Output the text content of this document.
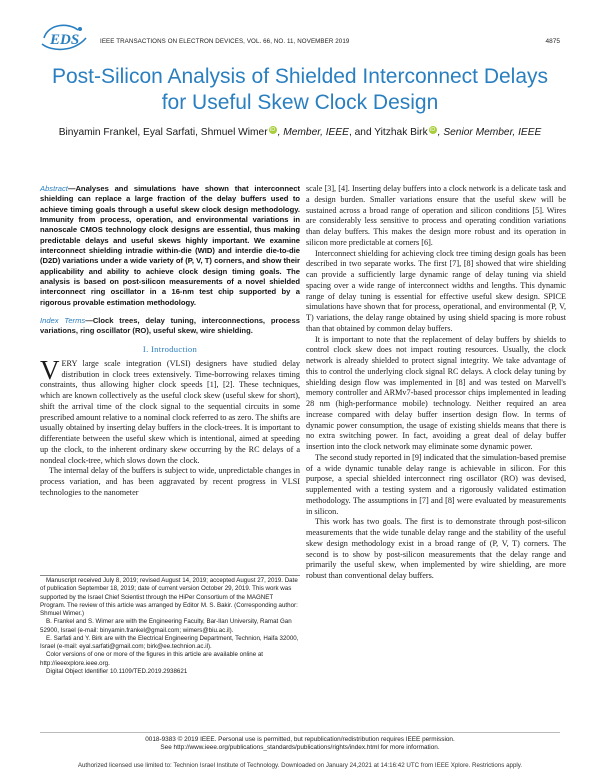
EDS	IEEE TRANSACTIONS ON ELECTRON DEVICES, VOL. 66, NO. 11, NOVEMBER 2019	4875
Post-Silicon Analysis of Shielded Interconnect Delays for Useful Skew Clock Design
Binyamin Frankel, Eyal Sarfati, Shmuel Wimer iD , Member, IEEE, and Yitzhak Birk iD , Senior Member, IEEE
Abstract—Analyses and simulations have shown that interconnect shielding can replace a large fraction of the delay buffers used to achieve timing goals through a useful skew clock design methodology. Immunity from process, operation, and environmental variations in nanoscale CMOS technology clock designs are essential, thus making predictable delays and useful skews highly important. We examine interconnect shielding intradie within-die (WID) and interdie die-to-die (D2D) variations under a wide variety of (P, V, T) corners, and show their applicability and ability to achieve clock design timing goals. The analysis is based on post-silicon measurements of a novel shielded interconnect ring oscillator in a 16-nm test chip supported by a rigorous provable estimation methodology.
Index Terms—Clock trees, delay tuning, interconnections, process variations, ring oscillator (RO), useful skew, wire shielding.
I. Introduction

VERY large scale integration (VLSI) designers have studied delay distribution in clock trees extensively. Time-borrowing relaxes timing constraints, thus allowing higher clock speeds [1], [2]. These techniques, which are known collectively as the useful clock skew (useful skew for short), shift the arrival time of the clock signal to the sequential circuits in some prescribed amount relative to a nominal clock referred to as zero. The shifts are usually obtained by inserting delay buffers in the clock-trees. It is important to differentiate between the useful skew which is intentional, aimed at speeding up the clock, to the inherent ordinary skew occurring by the RC delays of a nondeal clock-tree, which slows down the clock.

The internal delay of the buffers is subject to wide, unpredictable changes in process variation, and has been aggravated by recent progress in VLSI technologies to the nanometer

Manuscript received July 8, 2019; revised August 14, 2019; accepted August 27, 2019. Date of publication September 18, 2019; date of current version October 29, 2019. This work was supported by the Israel Chief Scientist through the HiPer Consortium of the MAGNET Program. The review of this article was arranged by Editor M. S. Bakir. (Corresponding author: Shmuel Wimer.)

B. Frankel and S. Wimer are with the Engineering Faculty, Bar-Ilan University, Ramat Gan 52900, Israel (e-mail: binyamin.frankel@gmail.com; wimers@biu.ac.il).

E. Sarfati and Y. Birk are with the Electrical Engineering Department, Technion, Haifa 32000, Israel (e-mail: eyal.sarfati@gmail.com; birk@ee.technion.ac.il).

Color versions of one or more of the figures in this article are available online at http://ieeexplore.ieee.org.

Digital Object Identifier 10.1109/TED.2019.2938621

scale [3], [4]. Inserting delay buffers into a clock network is a delicate task and a design burden. Smaller variations ensure that the useful skew will be sustained across a broad range of operation and silicon conditions [5]. Wires are considerably less sensitive to process and operating condition variations than delay buffers. This makes the design more robust and its operation in silicon more predictable at corners [6].

Interconnect shielding for achieving clock tree timing design goals has been described in two separate works. The first [7], [8] showed that wire shielding can provide a sufficiently large dynamic range of delay tuning via shield spacing over a wide range of interconnect widths and lengths. This dynamic range of delay tuning is essential for effective useful skew design. SPICE simulations have shown that for process, operational, and environmental (P, V, T) variations, the delay range obtained by using shield spacing is more robust than that obtained by common delay buffers.

It is important to note that the replacement of delay buffers by shields to control clock skew does not impact routing resources. Usually, the clock network is already shielded to protect signal integrity. We take advantage of this to control the underlying clock signal RC delays. A clock delay tuning by shielding design flow was implemented in [8] and was tested on Marvell's memory controller and ARMv7-based processor chips implemented in leading 28 nm (high-performance mobile) technology. Neither required an area increase compared with delay buffer insertion design flow. In terms of dynamic power consumption, the usage of existing shields means that there is no extra switching power. In fact, avoiding a great deal of delay buffer insertion into the clock network may eliminate some dynamic power.

The second study reported in [9] indicated that the simulation-based premise of a wide dynamic tunable delay range is achievable in silicon. For this purpose, a special shielded interconnect ring oscillator (RO) was devised, supplemented with a testing system and a rigorously validated estimation methodology. The assumptions in [7] and [8] were evaluated by measurements in silicon.

This work has two goals. The first is to demonstrate through post-silicon measurements that the wide tunable delay range and the stability of the useful skew design methodology exist in a broad range of (P, V, T) corners. The second is to show by post-silicon measurements that the delay range and primarily the useful skew, when implemented by wire shielding, are more robust than conventional delay buffers.

0018-9383 © 2019 IEEE. Personal use is permitted, but republication/redistribution requires IEEE permission.
See http://www.ieee.org/publications_standards/publications/rights/index.html for more information.
Authorized licensed use limited to: Technion Israel Institute of Technology. Downloaded on January 24,2021 at 14:16:42 UTC from IEEE Xplore. Restrictions apply.
